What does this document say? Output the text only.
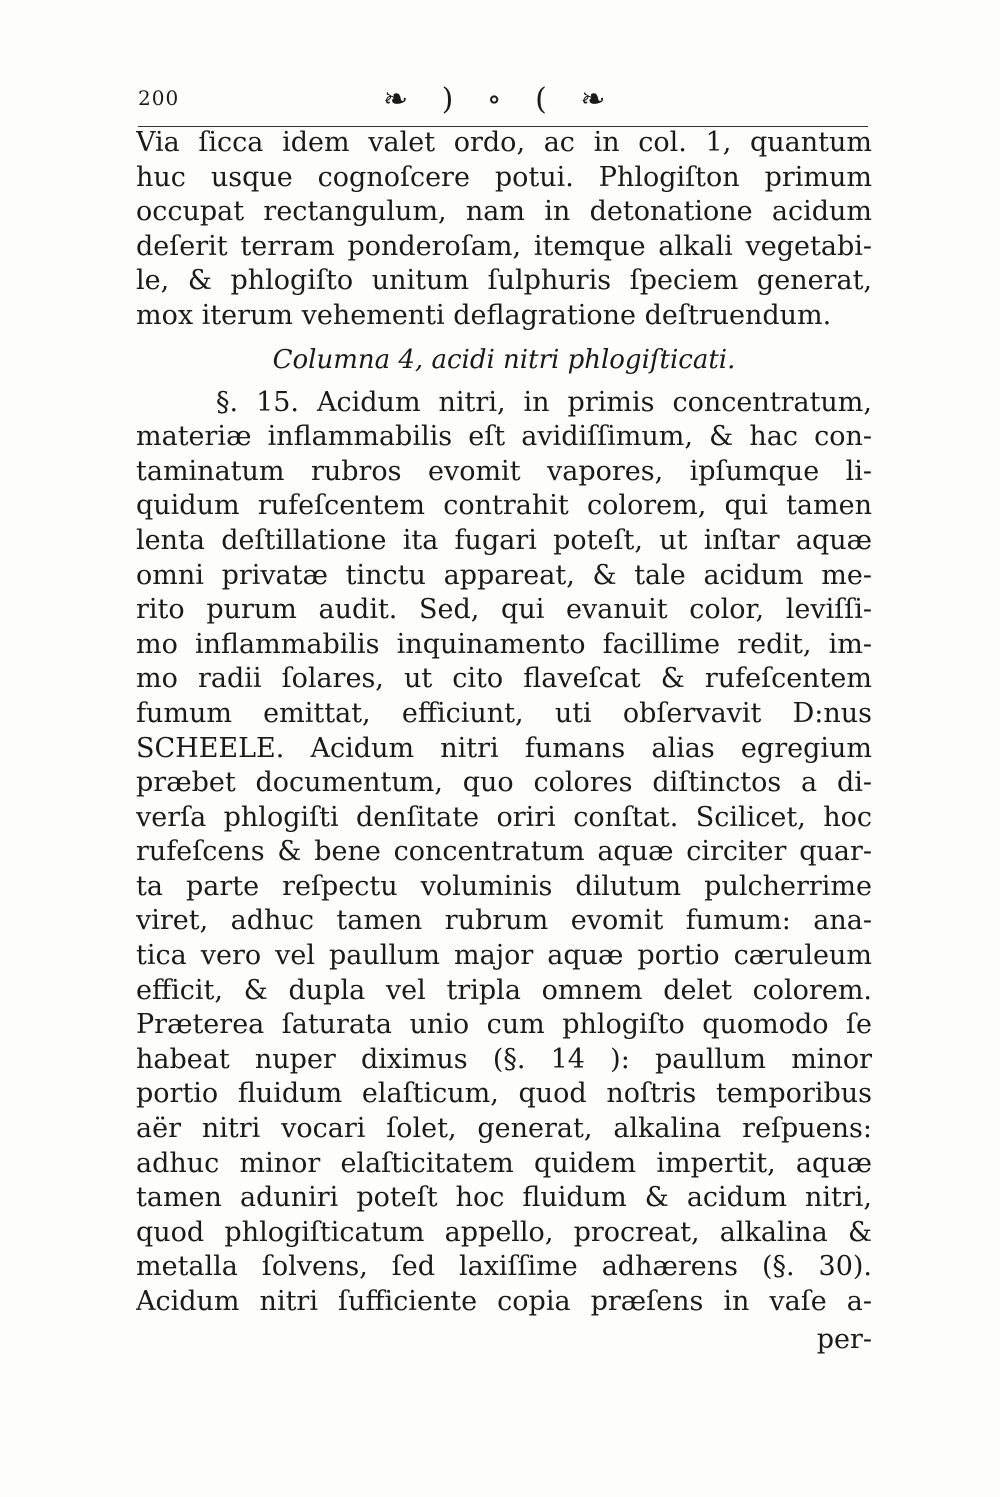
200	❧ ) ∘ ( ❧
Via ſicca idem valet ordo, ac in col. 1, quantum
huc usque cognoſcere potui. Phlogiſton primum
occupat rectangulum, nam in detonatione acidum
deſerit terram ponderoſam, itemque alkali vegetabi-
le, & phlogiſto unitum ſulphuris ſpeciem generat,
mox iterum vehementi deflagratione deſtruendum.
Columna 4, acidi nitri phlogiſticati.
§. 15. Acidum nitri, in primis concentratum,
materiæ inflammabilis eſt avidiſſimum, & hac con-
taminatum rubros evomit vapores, ipſumque li-
quidum rufeſcentem contrahit colorem, qui tamen
lenta deſtillatione ita fugari poteſt, ut inſtar aquæ
omni privatæ tinctu appareat, & tale acidum me-
rito purum audit. Sed, qui evanuit color, leviſſi-
mo inflammabilis inquinamento facillime redit, im-
mo radii ſolares, ut cito flaveſcat & rufeſcentem
fumum emittat, efficiunt, uti obſervavit D:nus
SCHEELE. Acidum nitri fumans alias egregium
præbet documentum, quo colores diſtinctos a di-
verſa phlogiſti denſitate oriri conſtat. Scilicet, hoc
rufeſcens & bene concentratum aquæ circiter quar-
ta parte reſpectu voluminis dilutum pulcherrime
viret, adhuc tamen rubrum evomit fumum: ana-
tica vero vel paullum major aquæ portio cæruleum
efficit, & dupla vel tripla omnem delet colorem.
Præterea ſaturata unio cum phlogiſto quomodo ſe
habeat nuper diximus (§. 14 ): paullum minor
portio fluidum elaſticum, quod noſtris temporibus
aër nitri vocari ſolet, generat, alkalina reſpuens:
adhuc minor elaſticitatem quidem impertit, aquæ
tamen aduniri poteſt hoc fluidum & acidum nitri,
quod phlogiſticatum appello, procreat, alkalina &
metalla ſolvens, ſed laxiſſime adhærens (§. 30).
Acidum nitri ſufficiente copia præſens in vaſe a-
per-
